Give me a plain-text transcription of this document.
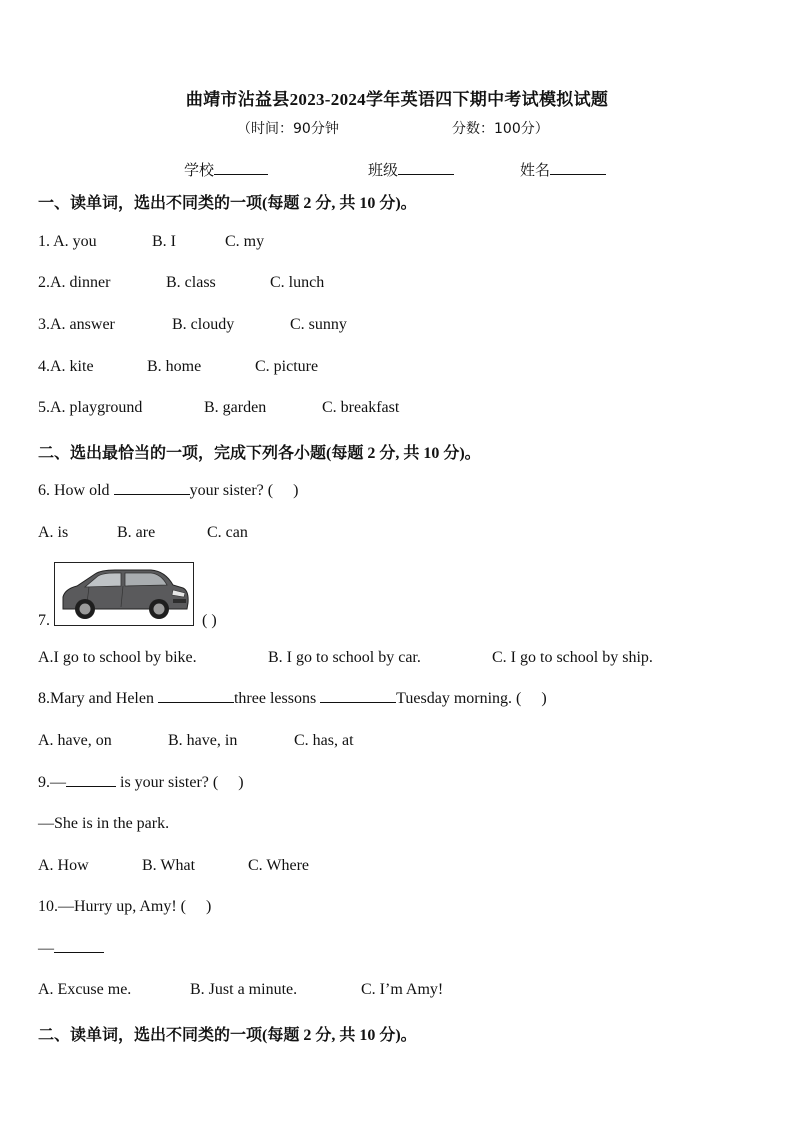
曲靖市沾益县2023-2024学年英语四下期中考试模拟试题
（时间：90分钟	分数：100分）
学校	班级	姓名
一、读单词，选出不同类的一项(每题 2 分, 共 10 分)。
1. A. you	B. I	C. my
2.A. dinner	B. class	C. lunch
3.A. answer	B. cloudy	C. sunny
4.A. kite	B. home	C. picture
5.A. playground	B. garden	C. breakfast
二、选出最恰当的一项，完成下列各小题(每题 2 分, 共 10 分)。
6. How old	your sister? ( )
A. is	B. are	C. can
7.	( )
A.I go to school by bike.	B. I go to school by car.	C. I go to school by ship.
8.Mary and Helen	three lessons	Tuesday morning. ( )
A. have, on	B. have, in	C. has, at
9.—	is your sister? ( )
—She is in the park.
A. How	B. What	C. Where
10.—Hurry up, Amy! ( )
—
A. Excuse me.	B. Just a minute.	C. I’m Amy!
二、读单词，选出不同类的一项(每题 2 分, 共 10 分)。
